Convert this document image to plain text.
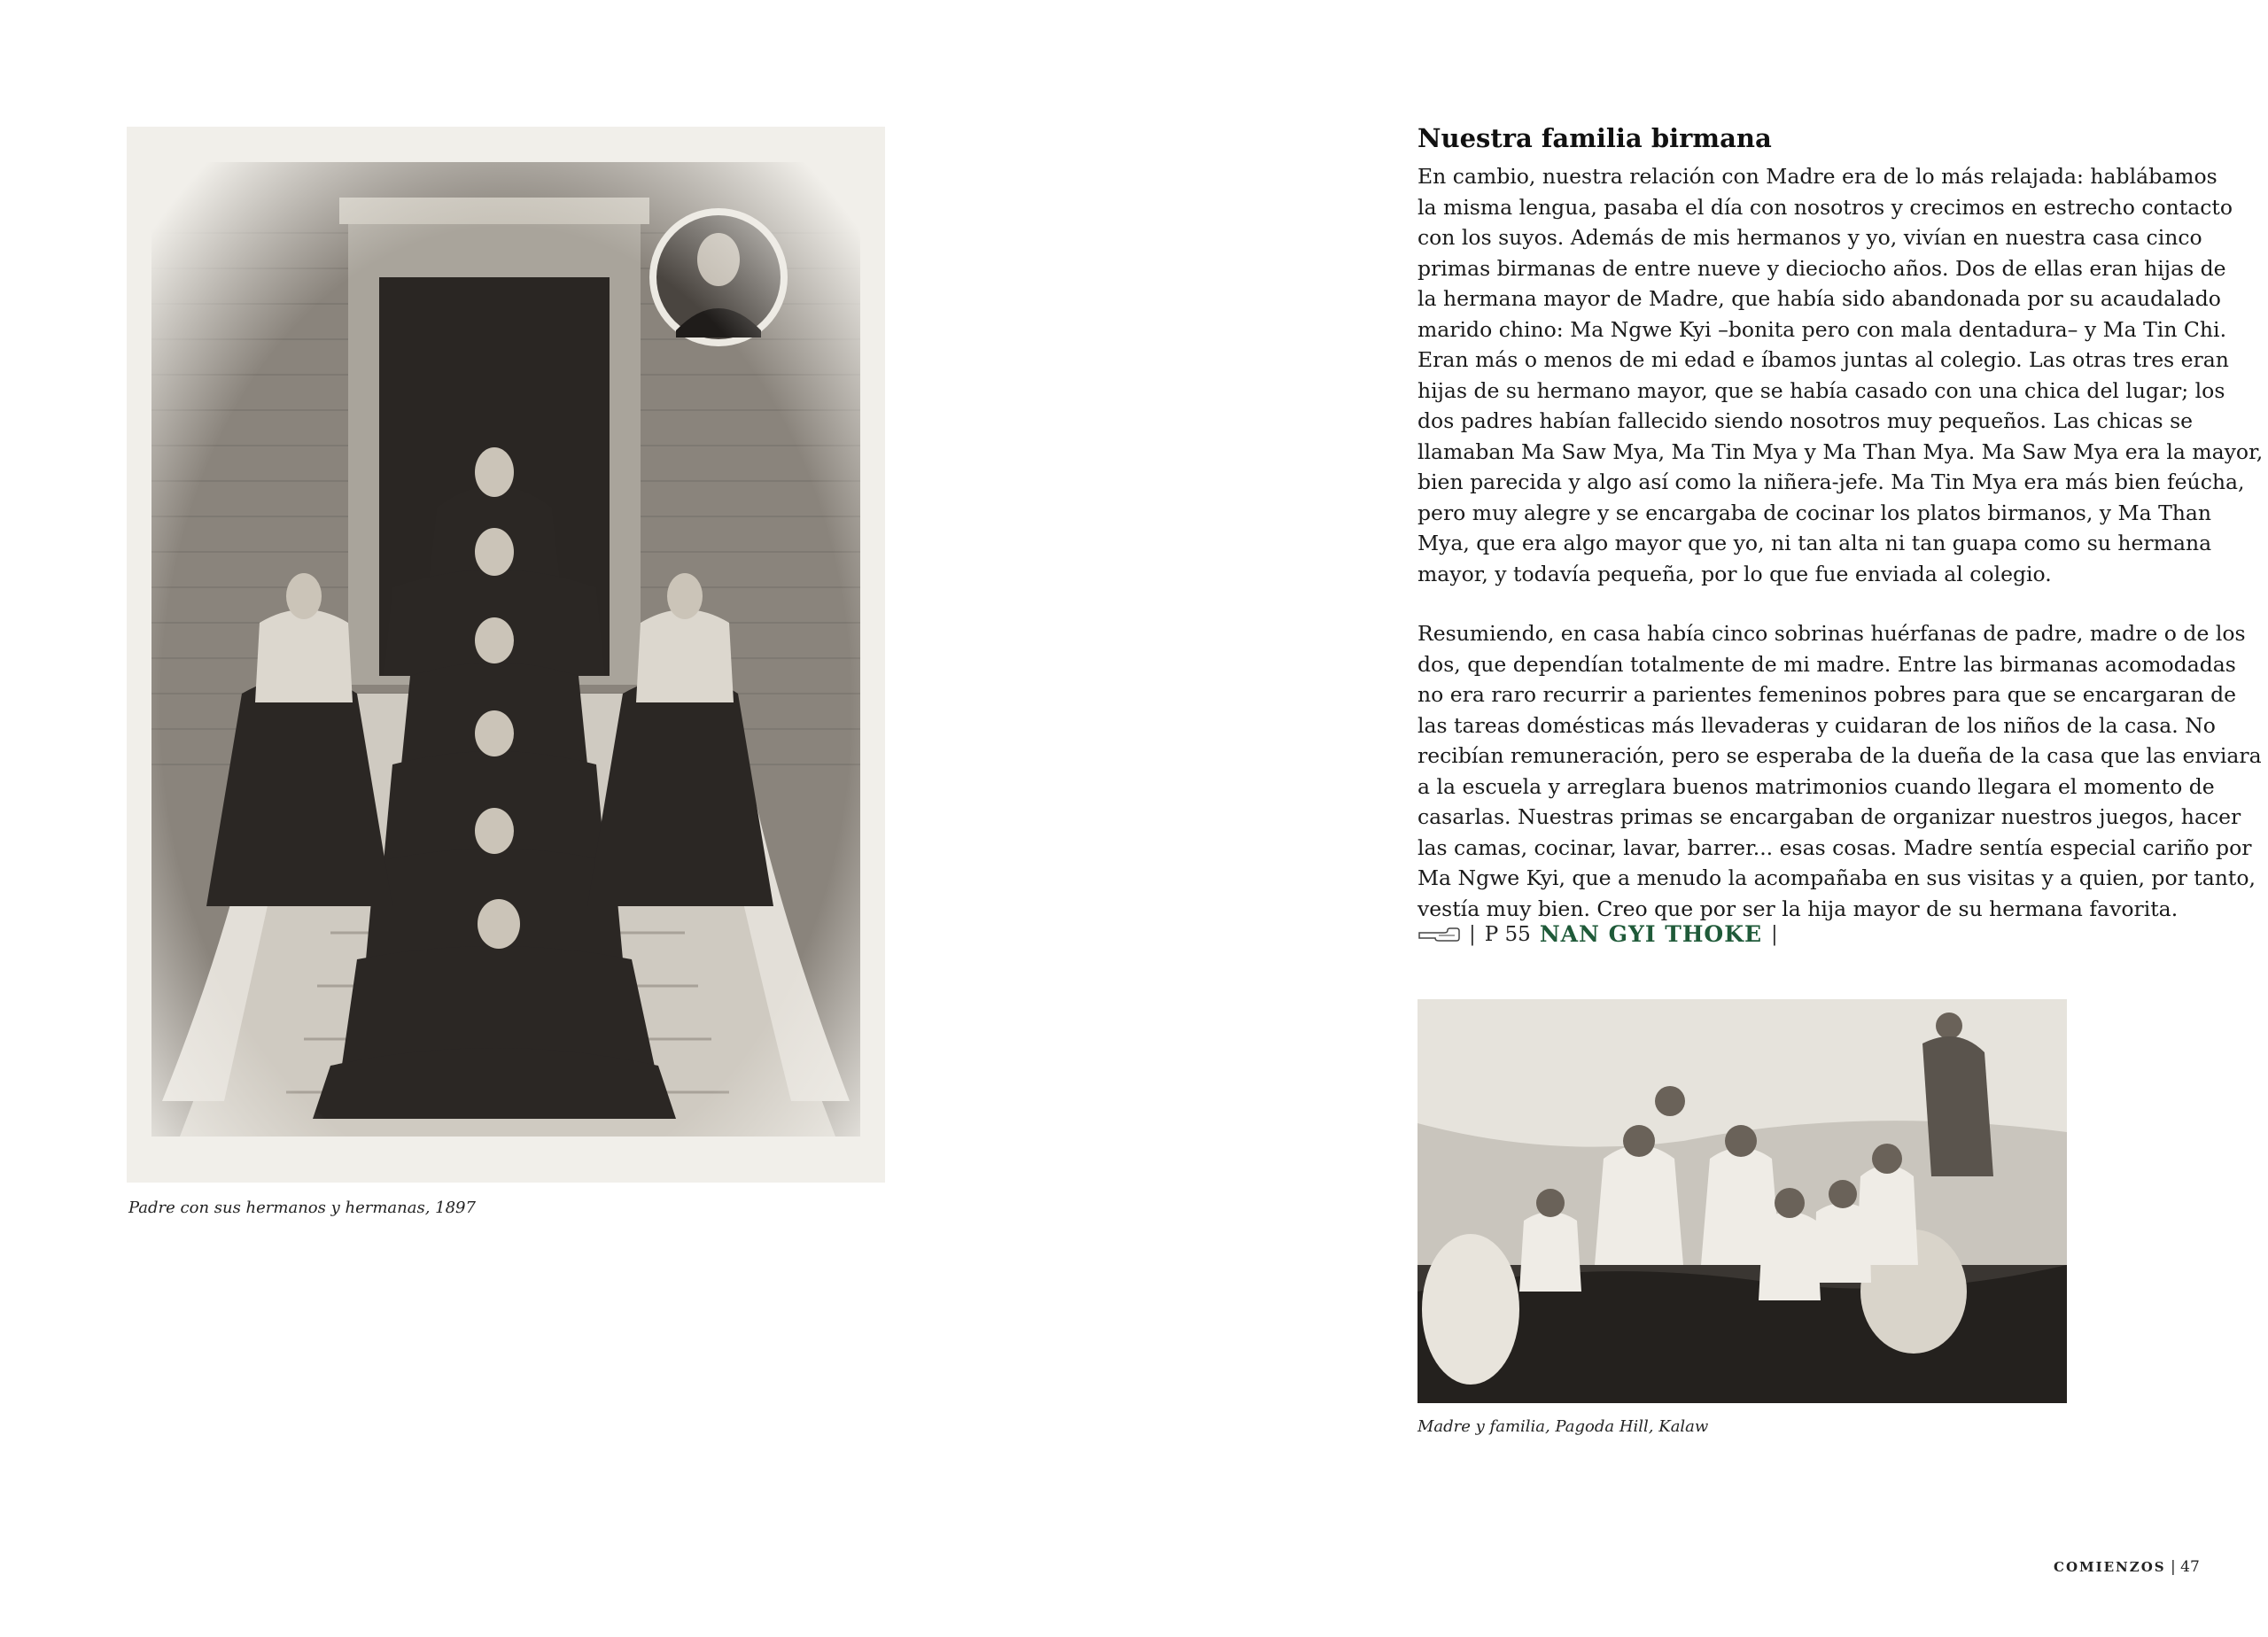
Padre con sus hermanos y hermanas, 1897
Nuestra familia birmana
En cambio, nuestra relación con Madre era de lo más relajada: hablábamos
la misma lengua, pasaba el día con nosotros y crecimos en estrecho contacto
con los suyos. Además de mis hermanos y yo, vivían en nuestra casa cinco
primas birmanas de entre nueve y dieciocho años. Dos de ellas eran hijas de
la hermana mayor de Madre, que había sido abandonada por su acaudalado
marido chino: Ma Ngwe Kyi –bonita pero con mala dentadura– y Ma Tin Chi.
Eran más o menos de mi edad e íbamos juntas al colegio. Las otras tres eran
hijas de su hermano mayor, que se había casado con una chica del lugar; los
dos padres habían fallecido siendo nosotros muy pequeños. Las chicas se
llamaban Ma Saw Mya, Ma Tin Mya y Ma Than Mya. Ma Saw Mya era la mayor,
bien parecida y algo así como la niñera-jefe. Ma Tin Mya era más bien feúcha,
pero muy alegre y se encargaba de cocinar los platos birmanos, y Ma Than
Mya, que era algo mayor que yo, ni tan alta ni tan guapa como su hermana
mayor, y todavía pequeña, por lo que fue enviada al colegio.
Resumiendo, en casa había cinco sobrinas huérfanas de padre, madre o de los
dos, que dependían totalmente de mi madre. Entre las birmanas acomodadas
no era raro recurrir a parientes femeninos pobres para que se encargaran de
las tareas domésticas más llevaderas y cuidaran de los niños de la casa. No
recibían remuneración, pero se esperaba de la dueña de la casa que las enviara
a la escuela y arreglara buenos matrimonios cuando llegara el momento de
casarlas. Nuestras primas se encargaban de organizar nuestros juegos, hacer
las camas, cocinar, lavar, barrer... esas cosas. Madre sentía especial cariño por
Ma Ngwe Kyi, que a menudo la acompañaba en sus visitas y a quien, por tanto,
vestía muy bien. Creo que por ser la hija mayor de su hermana favorita.
| P 55 NAN GYI THOKE |
Madre y familia, Pagoda Hill, Kalaw
COMIENZOS | 47
